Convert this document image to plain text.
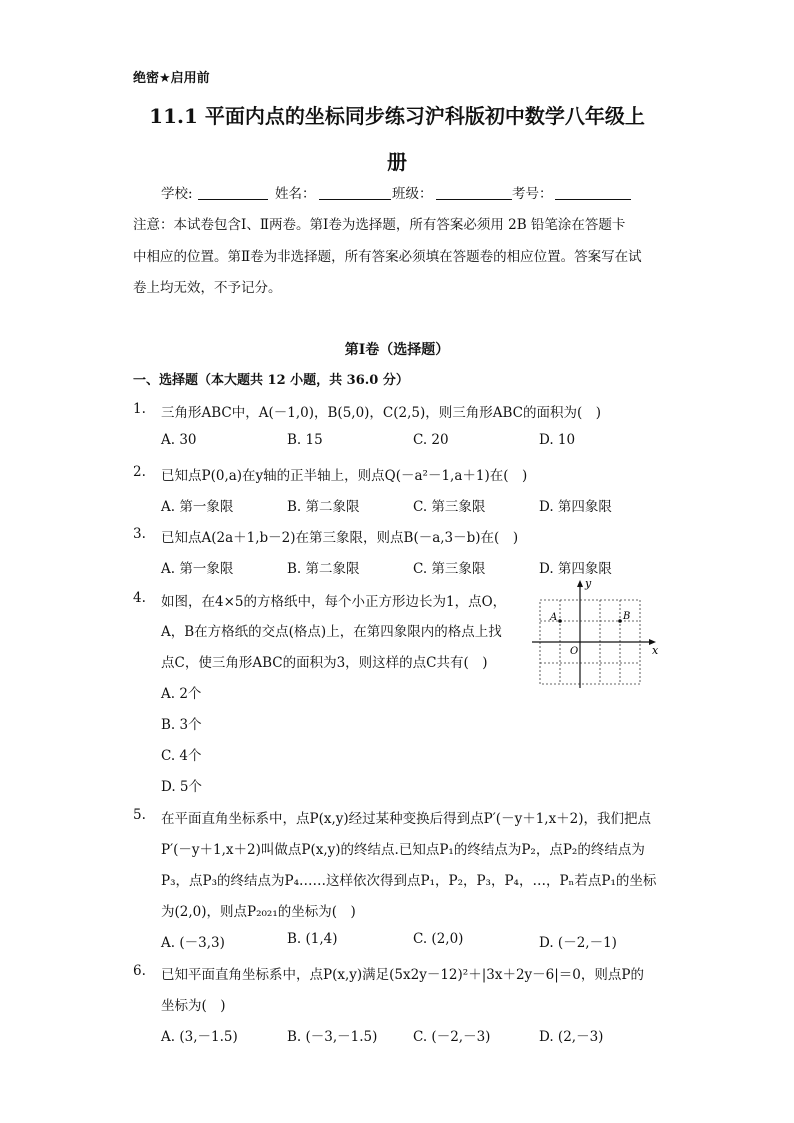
绝密★启用前
11.1 平面内点的坐标同步练习沪科版初中数学八年级上
册
学校:	姓名：	班级：	考号：
注意：本试卷包含Ⅰ、Ⅱ两卷。第Ⅰ卷为选择题，所有答案必须用 2B 铅笔涂在答题卡
中相应的位置。第Ⅱ卷为非选择题，所有答案必须填在答题卷的相应位置。答案写在试
卷上均无效，不予记分。
第Ⅰ卷（选择题）
一、选择题（本大题共 12 小题，共 36.0 分）
1. 三角形ABC中，A(－1,0)，B(5,0)，C(2,5)，则三角形ABC的面积为(　)
A. 30	B. 15	C. 20	D. 10
2. 已知点P(0,a)在y轴的正半轴上，则点Q(－a²－1,a＋1)在(　)
A. 第一象限	B. 第二象限	C. 第三象限	D. 第四象限
3. 已知点A(2a＋1,b－2)在第三象限，则点B(－a,3－b)在(　)
A. 第一象限	B. 第二象限	C. 第三象限	D. 第四象限
4. 如图，在4×5的方格纸中，每个小正方形边长为1，点O，
A，B在方格纸的交点(格点)上，在第四象限内的格点上找
点C，使三角形ABC的面积为3，则这样的点C共有(　)
A. 2个
B. 3个
C. 4个
D. 5个
y
x
A	B
O
5. 在平面直角坐标系中，点P(x,y)经过某种变换后得到点P′(－y＋1,x＋2)，我们把点
P′(－y＋1,x＋2)叫做点P(x,y)的终结点.已知点P₁的终结点为P₂，点P₂的终结点为
P₃，点P₃的终结点为P₄……这样依次得到点P₁，P₂，P₃，P₄，…，Pₙ若点P₁的坐标
为(2,0)，则点P₂₀₂₁的坐标为(　)
A. (－3,3)	B. (1,4)	C. (2,0)	D. (－2,－1)
6. 已知平面直角坐标系中，点P(x,y)满足(5x2y－12)²＋|3x＋2y－6|＝0，则点P的
坐标为(　)
A. (3,－1.5)	B. (－3,－1.5)	C. (－2,－3)	D. (2,－3)
